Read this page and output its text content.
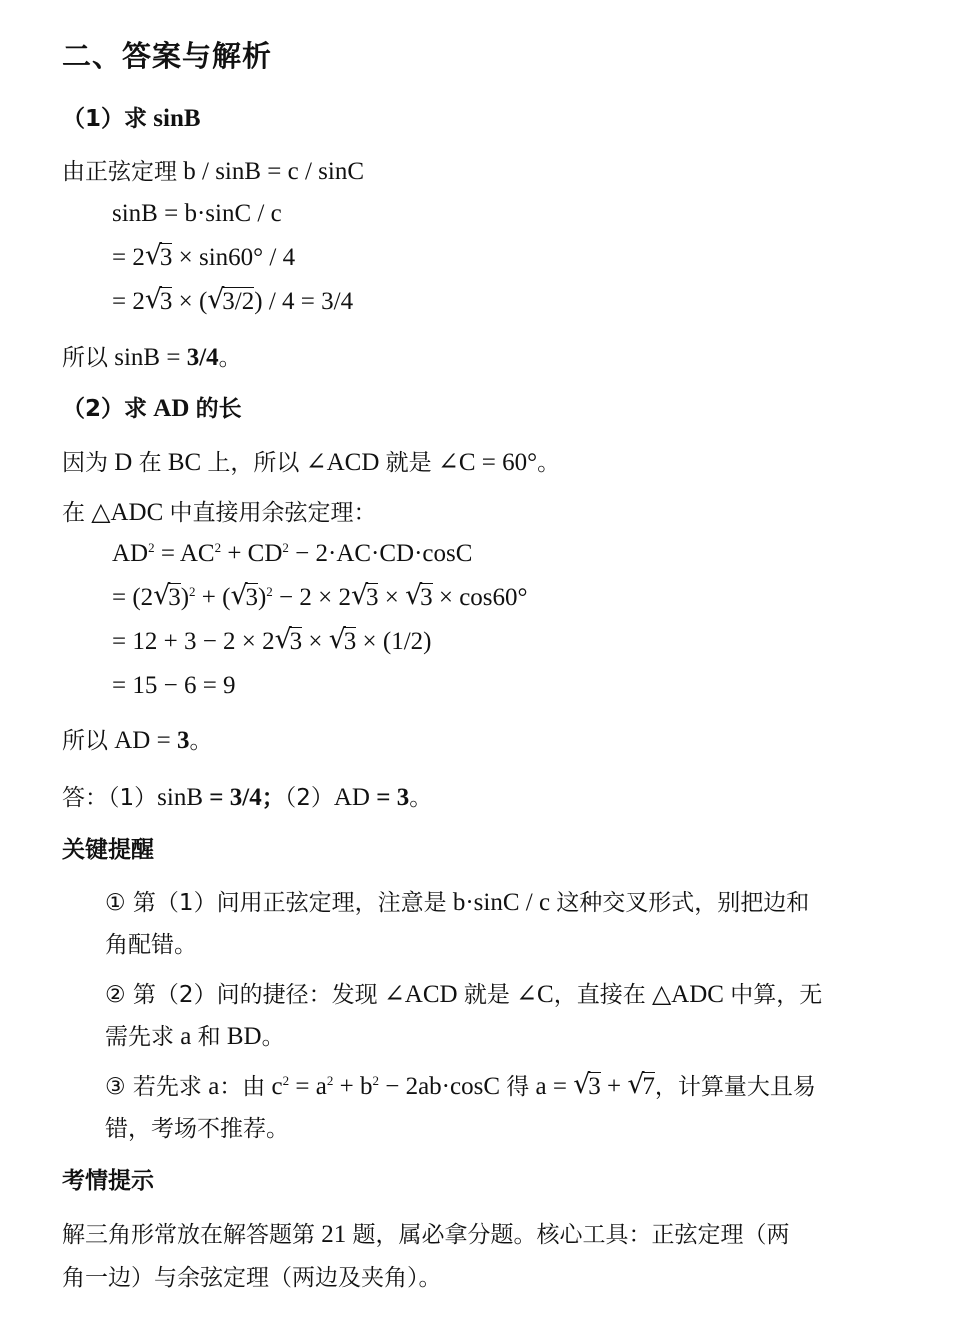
二、答案与解析
（1）求 sinB
由正弦定理 b / sinB = c / sinC
sinB = b·sinC / c
= 2 √
3 × sin60° / 4
= 2 √
3 × ( √
3/2) / 4 = 3/4
所以 sinB = 3/4。
（2）求 AD 的长
因为 D 在 BC 上，所以 ∠ACD 就是 ∠C = 60°。
在 △ADC 中直接用余弦定理：
$AD^2 = AC^2 + CD^2 - 2\cdot AC\cdot CD\cdot\cos C$
= (2 √
3)$^2$ + ( √
3)$^2$ − 2 × 2 √
3 × √
3 × cos60°
= 12 + 3 − 2 × 2 √
3 × √
3 × (1/2)
= 15 − 6 = 9
所以 AD = 3。
答：（1）sinB = 3/4；（2）AD = 3。
关键提醒
① 第（1）问用正弦定理，注意是 b·sinC / c 这种交叉形式，别把边和
角配错。
② 第（2）问的捷径：发现 ∠ACD 就是 ∠C，直接在 △ADC 中算，无
需先求 a 和 BD。
③ 若先求 a：由 $c^2 = a^2 + b^2 - 2ab\cdot\cos C$ 得 a = √
3 + √
7，计算量大且易
错，考场不推荐。
考情提示
解三角形常放在解答题第 21 题，属必拿分题。核心工具：正弦定理（两
角一边）与余弦定理（两边及夹角）。
